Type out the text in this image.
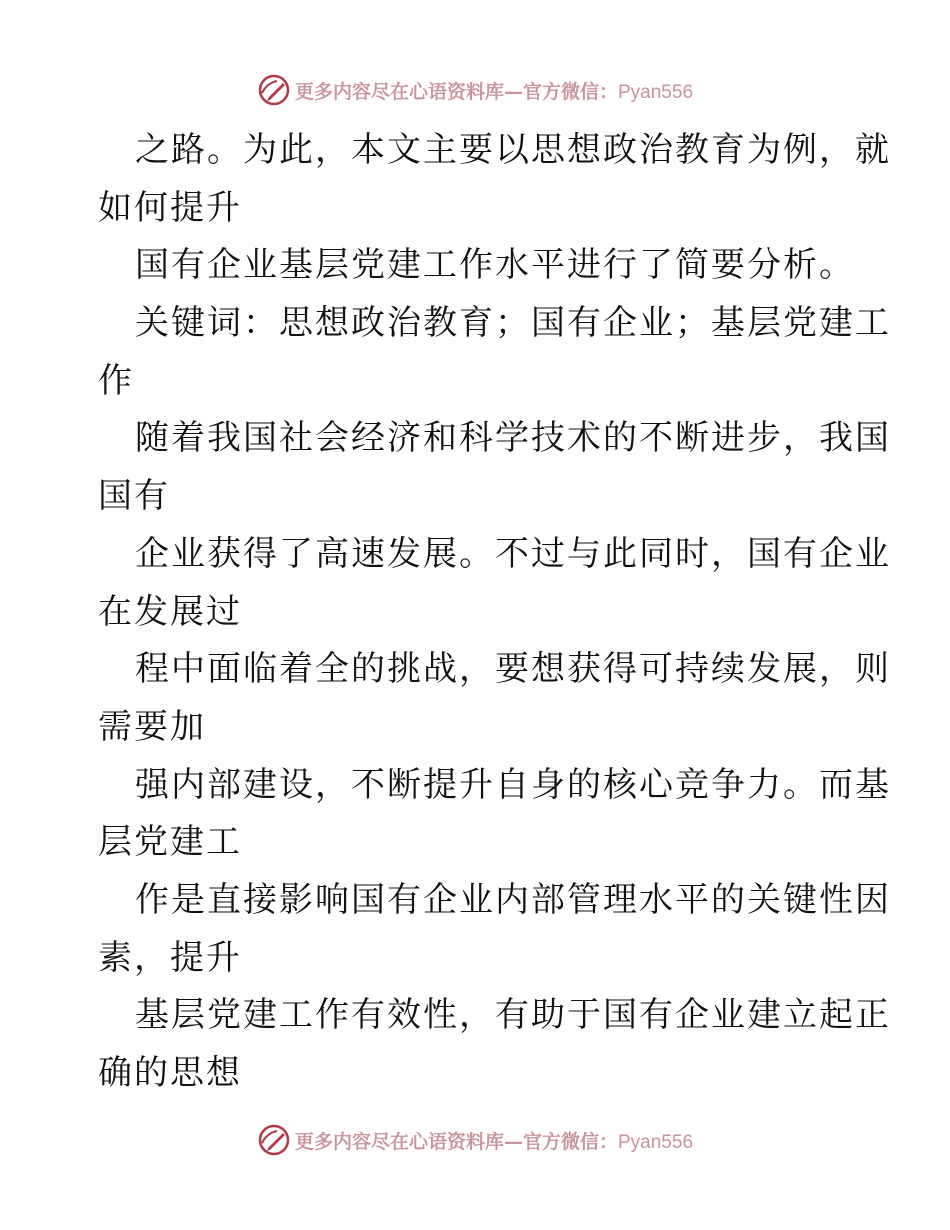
更多内容尽在心语资料库—官方微信：Pyan556
之路。为此，本文主要以思想政治教育为例，就
如何提升
国有企业基层党建工作水平进行了简要分析。
关键词：思想政治教育；国有企业；基层党建工
作
随着我国社会经济和科学技术的不断进步，我国
国有
企业获得了高速发展。不过与此同时，国有企业
在发展过
程中面临着全的挑战，要想获得可持续发展，则
需要加
强内部建设，不断提升自身的核心竞争力。而基
层党建工
作是直接影响国有企业内部管理水平的关键性因
素，提升
基层党建工作有效性，有助于国有企业建立起正
确的思想
更多内容尽在心语资料库—官方微信：Pyan556
